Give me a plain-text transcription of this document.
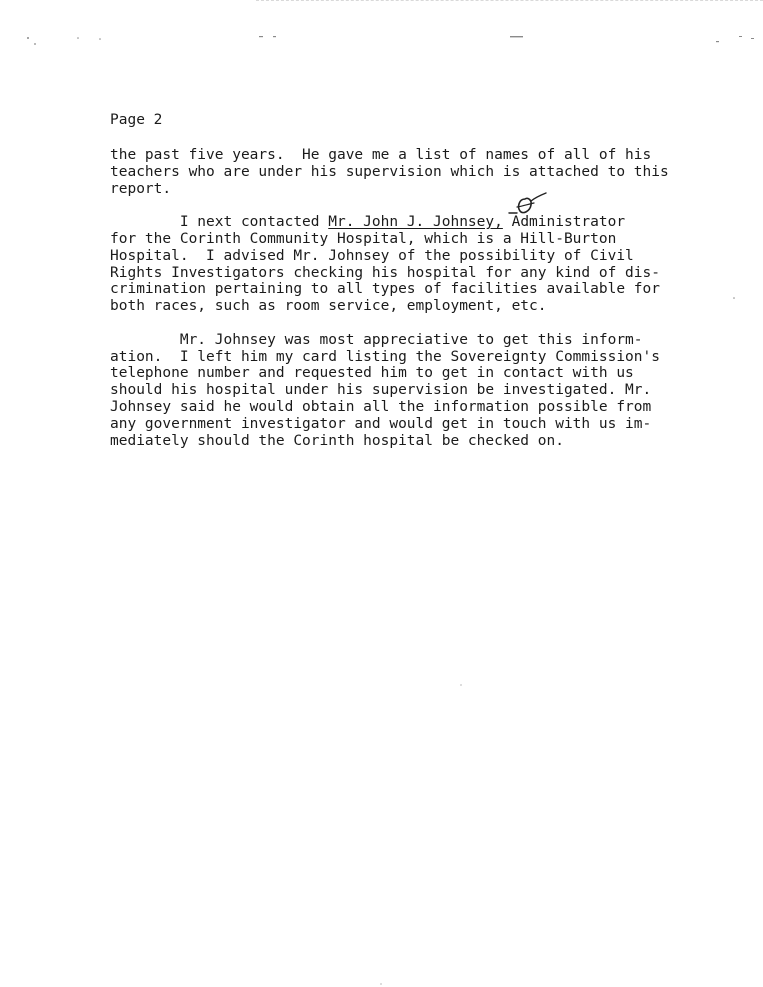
Page 2

the past five years.  He gave me a list of names of all of his
teachers who are under his supervision which is attached to this
report.

I next contacted Mr. John J. Johnsey, Administrator
for the Corinth Community Hospital, which is a Hill-Burton
Hospital.  I advised Mr. Johnsey of the possibility of Civil
Rights Investigators checking his hospital for any kind of dis-
crimination pertaining to all types of facilities available for
both races, such as room service, employment, etc.

Mr. Johnsey was most appreciative to get this inform-
ation.  I left him my card listing the Sovereignty Commission's
telephone number and requested him to get in contact with us
should his hospital under his supervision be investigated. Mr.
Johnsey said he would obtain all the information possible from
any government investigator and would get in touch with us im-
mediately should the Corinth hospital be checked on.
